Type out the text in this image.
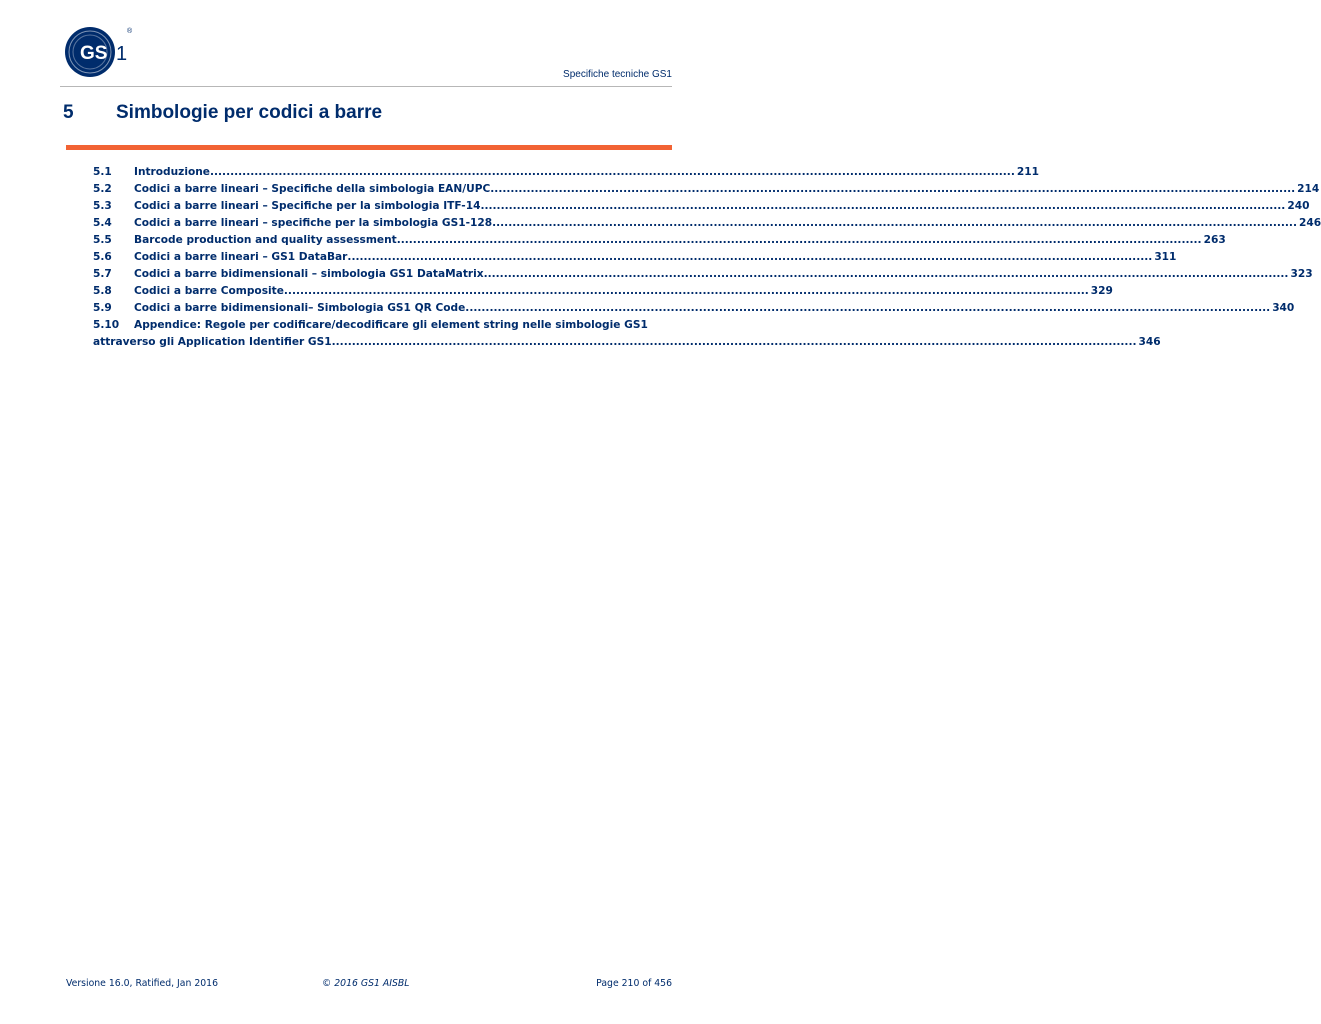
GS 1
®
Specifiche tecniche GS1
5 Simbologie per codici a barre
5.1	Introduzione .....	211
5.2	Codici a barre lineari – Specifiche della simbologia EAN/UPC .....	214
5.3	Codici a barre lineari – Specifiche per la simbologia ITF-14 .....	240
5.4	Codici a barre lineari – specifiche per la simbologia GS1-128 .....	246
5.5	Barcode production and quality assessment .....	263
5.6	Codici a barre lineari – GS1 DataBar .....	311
5.7	Codici a barre bidimensionali – simbologia GS1 DataMatrix .....	323
5.8	Codici a barre Composite .....	329
5.9	Codici a barre bidimensionali– Simbologia GS1 QR Code .....	340
5.10	Appendice: Regole per codificare/decodificare gli element string nelle simbologie GS1
attraverso gli Application Identifier GS1 .....	346
Versione 16.0, Ratified, Jan 2016	© 2016 GS1 AISBL	Page 210 of 456
